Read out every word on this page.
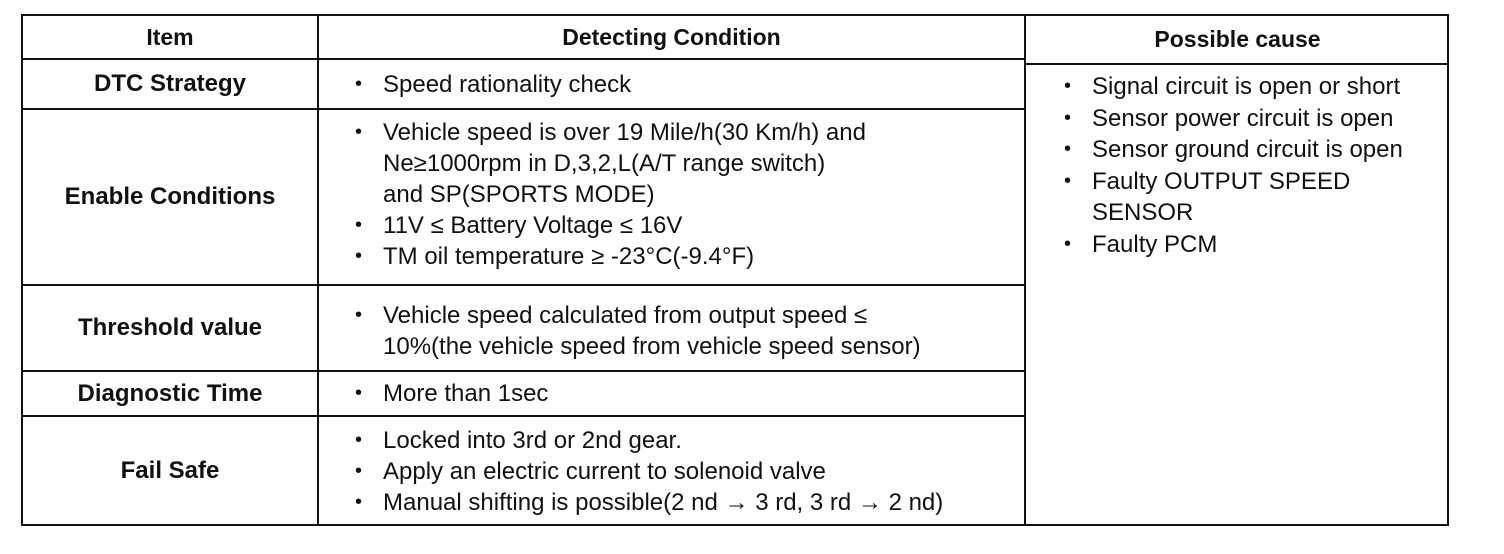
Item	Detecting Condition	Possible cause
DTC Strategy
Enable Conditions
Threshold value
Diagnostic Time
Fail Safe
• Speed rationality check
• Vehicle speed is over 19 Mile/h(30 Km/h) and
Ne≥1000rpm in D,3,2,L(A/T range switch)
and SP(SPORTS MODE)
• 11V ≤ Battery Voltage ≤ 16V
• TM oil temperature ≥ -23°C(-9.4°F)
• Vehicle speed calculated from output speed ≤
10%(the vehicle speed from vehicle speed sensor)
• More than 1sec
• Locked into 3rd or 2nd gear.
• Apply an electric current to solenoid valve
• Manual shifting is possible(2 nd → 3 rd, 3 rd → 2 nd)
• Signal circuit is open or short
• Sensor power circuit is open
• Sensor ground circuit is open
• Faulty OUTPUT SPEED
SENSOR
• Faulty PCM
